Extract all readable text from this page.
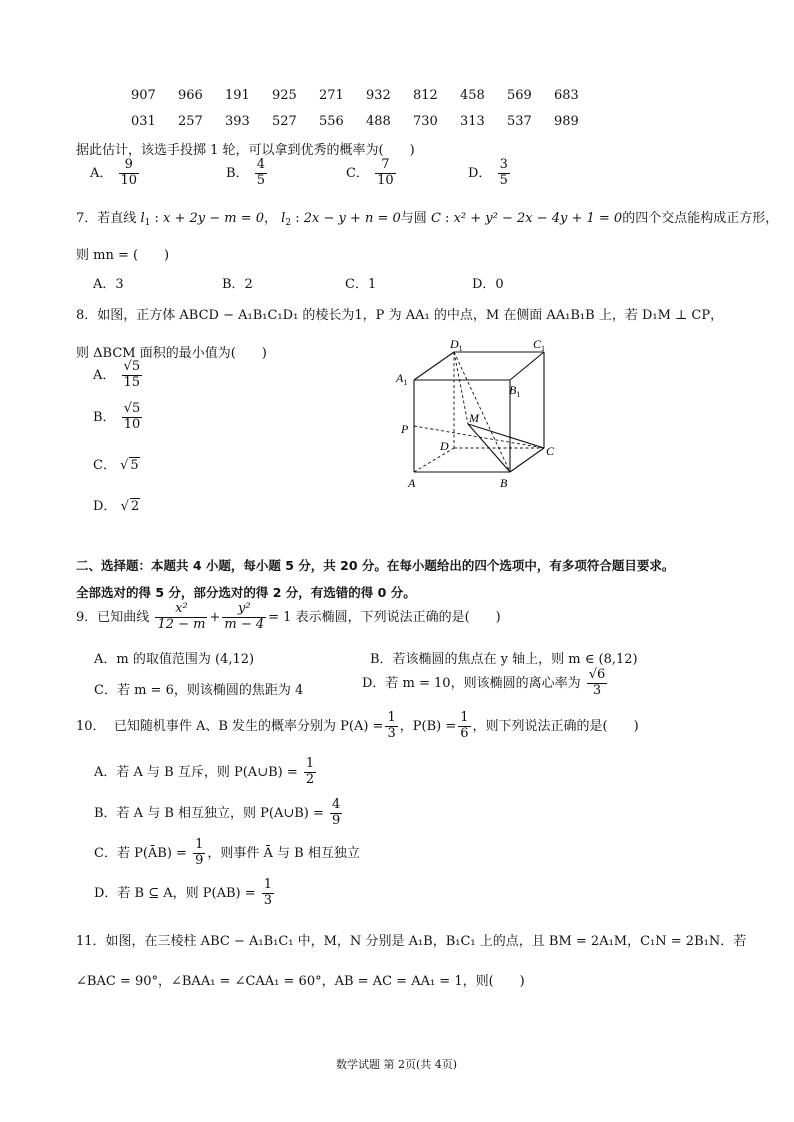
907 966 191 925 271 932 812 458 569 683
031 257 393 527 556 488 730 313 537 989
据此估计，该选手投掷 1 轮，可以拿到优秀的概率为(　　)
A． $\frac{9}{10}$	B． $\frac{4}{5}$	C． $\frac{7}{10}$	D． $\frac{3}{5}$
7．若直线 $l_1$ : x + 2y − m = 0， $l_2$ : 2x − y + n = 0与圆 C : x² + y² − 2x − 4y + 1 = 0的四个交点能构成正方形，
则 mn = (　　)
A．3	B．2	C．1	D．0
8．如图，正方体 ABCD − A₁B₁C₁D₁ 的棱长为1，P 为 AA₁ 的中点，M 在侧面 AA₁B₁B 上，若 D₁M ⊥ CP，
则 ΔBCM 面积的最小值为(　　)
A． $\frac{√5}{15}$
B． $\frac{√5}{10}$
C． √ 5
D． √ 2
$D_1$	$C_1$
$A_1$
$B_1$
M
P
D	C
A	B
二、选择题：本题共 4 小题，每小题 5 分，共 20 分。在每小题给出的四个选项中，有多项符合题目要求。
全部选对的得 5 分，部分选对的得 2 分，有选错的得 0 分。
9．已知曲线 $\frac{\text{x²}}{12 - m} + \frac{\text{y²}}{m - 4} = 1$ 表示椭圆，下列说法正确的是(　　)
A．m 的取值范围为 (4,12)	B．若该椭圆的焦点在 y 轴上，则 m ∈ (8,12)
C．若 m = 6，则该椭圆的焦距为 4	D．若 m = 10，则该椭圆的离心率为 $\frac{√6}{3}$
10． 已知随机事件 A、B 发生的概率分别为 $P(A) = \frac{1}{3}$ ，$P(B) = \frac{1}{6}$ ，则下列说法正确的是(　　)
A．若 A 与 B 互斥，则 P(A∪B) = $\frac{1}{2}$
B．若 A 与 B 相互独立，则 P(A∪B) = $\frac{4}{9}$
C．若 P(ĀB) = $\frac{1}{9}$ ，则事件 Ā 与 B 相互独立
D．若 B ⊆ A，则 $P(AB) = \frac{1}{3}$
11．如图，在三棱柱 ABC − A₁B₁C₁ 中，M，N 分别是 A₁B，B₁C₁ 上的点，且 BM = 2A₁M，C₁N = 2B₁N．若
∠BAC = 90°，∠BAA₁ = ∠CAA₁ = 60°，AB = AC = AA₁ = 1，则(　　)
数学试题 第 2页(共 4页)
